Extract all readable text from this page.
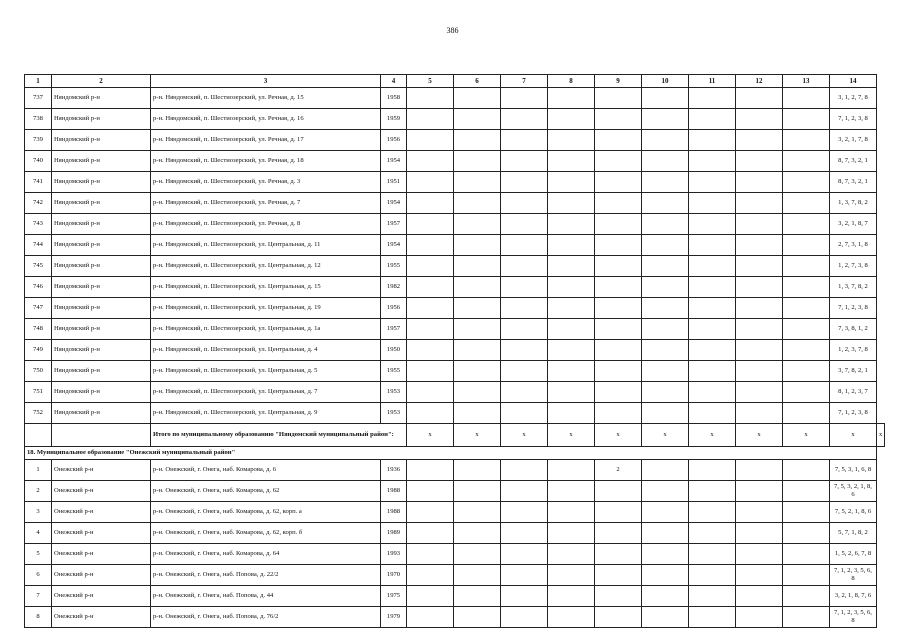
386
1	2	3	4	5	6	7	8	9	10	11	12	13	14	
737	Няндомский р-н	р-н. Няндомский, п. Шестиозерский, ул. Речная, д. 15	1958										3, 1, 2, 7, 8	
738	Няндомский р-н	р-н. Няндомский, п. Шестиозерский, ул. Речная, д. 16	1959										7, 1, 2, 3, 8	
739	Няндомский р-н	р-н. Няндомский, п. Шестиозерский, ул. Речная, д. 17	1956										3, 2, 1, 7, 8	
740	Няндомский р-н	р-н. Няндомский, п. Шестиозерский, ул. Речная, д. 18	1954										8, 7, 3, 2, 1	
741	Няндомский р-н	р-н. Няндомский, п. Шестиозерский, ул. Речная, д. 3	1951										8, 7, 3, 2, 1	
742	Няндомский р-н	р-н. Няндомский, п. Шестиозерский, ул. Речная, д. 7	1954										1, 3, 7, 8, 2	
743	Няндомский р-н	р-н. Няндомский, п. Шестиозерский, ул. Речная, д. 8	1957										3, 2, 1, 8, 7	
744	Няндомский р-н	р-н. Няндомский, п. Шестиозерский, ул. Центральная, д. 11	1954										2, 7, 3, 1, 8	
745	Няндомский р-н	р-н. Няндомский, п. Шестиозерский, ул. Центральная, д. 12	1955										1, 2, 7, 3, 8	
746	Няндомский р-н	р-н. Няндомский, п. Шестиозерский, ул. Центральная, д. 15	1982										1, 3, 7, 8, 2	
747	Няндомский р-н	р-н. Няндомский, п. Шестиозерский, ул. Центральная, д. 19	1956										7, 1, 2, 3, 8	
748	Няндомский р-н	р-н. Няндомский, п. Шестиозерский, ул. Центральная, д. 1а	1957										7, 3, 8, 1, 2	
749	Няндомский р-н	р-н. Няндомский, п. Шестиозерский, ул. Центральная, д. 4	1950										1, 2, 3, 7, 8	
750	Няндомский р-н	р-н. Няндомский, п. Шестиозерский, ул. Центральная, д. 5	1955										3, 7, 8, 2, 1	
751	Няндомский р-н	р-н. Няндомский, п. Шестиозерский, ул. Центральная, д. 7	1953										8, 1, 2, 3, 7	
752	Няндомский р-н	р-н. Няндомский, п. Шестиозерский, ул. Центральная, д. 9	1953										7, 1, 2, 3, 8	
		Итого по муниципальному образованию "Няндомский муниципальный район":		х	х	х	х	х	х	х	х	х	х	х
18. Муниципальное образование "Онежский муниципальный район"														
1	Онежский р-н	р-н. Онежский, г. Онега, наб. Комарова, д. 6	1936					2					7, 5, 3, 1, 6, 8	
2	Онежский р-н	р-н. Онежский, г. Онега, наб. Комарова, д. 62	1988										7, 5, 3, 2, 1, 8, 6	
3	Онежский р-н	р-н. Онежский, г. Онега, наб. Комарова, д. 62, корп. а	1988										7, 5, 2, 1, 8, 6	
4	Онежский р-н	р-н. Онежский, г. Онега, наб. Комарова, д. 62, корп. б	1989										5, 7, 1, 8, 2	
5	Онежский р-н	р-н. Онежский, г. Онега, наб. Комарова, д. 64	1993										1, 5, 2, 6, 7, 8	
6	Онежский р-н	р-н. Онежский, г. Онега, наб. Попова, д. 22/2	1970										7, 1, 2, 3, 5, 6, 8	
7	Онежский р-н	р-н. Онежский, г. Онега, наб. Попова, д. 44	1975										3, 2, 1, 8, 7, 6	
8	Онежский р-н	р-н. Онежский, г. Онега, наб. Попова, д. 76/2	1979										7, 1, 2, 3, 5, 6, 8	
